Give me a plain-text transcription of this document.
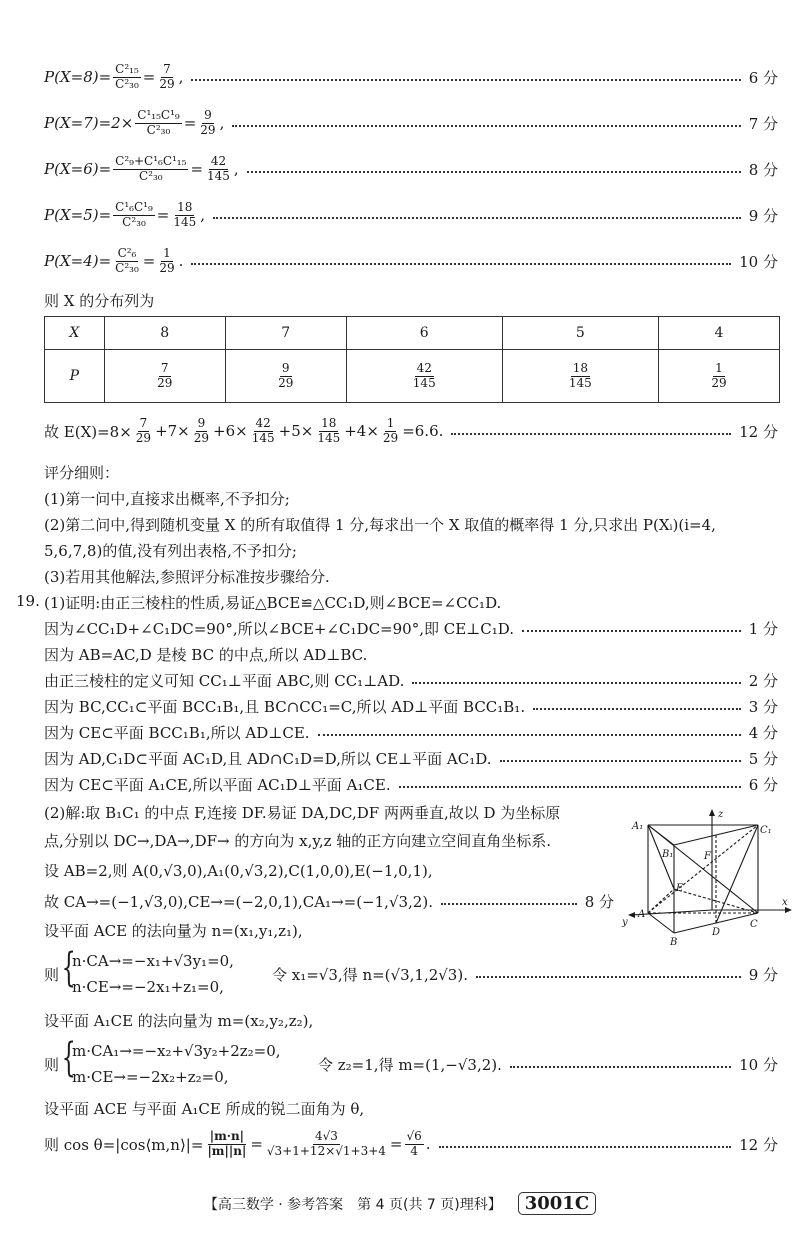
$P(X=8)= \frac{\text{C²₁₅}}{\text{C²₃₀}} = \frac{7}{29}$ ,	6 分
$P(X=7)=2\times \frac{\text{C¹₁₅C¹₉}}{\text{C²₃₀}} = \frac{9}{29}$ ,	7 分
$P(X=6)= \frac{\text{C²₉+C¹₆C¹₁₅}}{\text{C²₃₀}} = \frac{42}{145}$ ,	8 分
$P(X=5)= \frac{\text{C¹₆C¹₉}}{\text{C²₃₀}} = \frac{18}{145}$ ,	9 分
$P(X=4)= \frac{\text{C²₆}}{\text{C²₃₀}} = \frac{1}{29}$ .	10 分
则 X 的分布列为
X	8	7	6	5	4
P	$\frac{7}{29}$	$\frac{9}{29}$	$\frac{42}{145}$	$\frac{18}{145}$	$\frac{1}{29}$
故 $E(X)=8\times \frac{7}{29} +7\times \frac{9}{29} +6\times \frac{42}{145} +5\times \frac{18}{145} +4\times \frac{1}{29} =6.6$.	12 分
评分细则：
(1)第一问中,直接求出概率,不予扣分;
(2)第二问中,得到随机变量 X 的所有取值得 1 分,每求出一个 X 取值的概率得 1 分,只求出 P(Xᵢ)(i=4,
5,6,7,8)的值,没有列出表格,不予扣分;
(3)若用其他解法,参照评分标准按步骤给分.
19. (1)证明:由正三棱柱的性质,易证△BCE≌△CC₁D,则∠BCE=∠CC₁D.
因为∠CC₁D+∠C₁DC=90°,所以∠BCE+∠C₁DC=90°,即 CE⊥C₁D.	1 分
因为 AB=AC,D 是棱 BC 的中点,所以 AD⊥BC.
由正三棱柱的定义可知 CC₁⊥平面 ABC,则 CC₁⊥AD.	2 分
因为 BC,CC₁⊂平面 BCC₁B₁,且 BC∩CC₁=C,所以 AD⊥平面 BCC₁B₁.	3 分
因为 CE⊂平面 BCC₁B₁,所以 AD⊥CE.	4 分
因为 AD,C₁D⊂平面 AC₁D,且 AD∩C₁D=D,所以 CE⊥平面 AC₁D.	5 分
因为 CE⊂平面 A₁CE,所以平面 AC₁D⊥平面 A₁CE.	6 分
(2)解:取 B₁C₁ 的中点 F,连接 DF.易证 DA,DC,DF 两两垂直,故以 D 为坐标原
点,分别以 DC→,DA→,DF→ 的方向为 x,y,z 轴的正方向建立空间直角坐标系.
设 AB=2,则 A(0,√3,0),A₁(0,√3,2),C(1,0,0),E(−1,0,1),
故 CA→=(−1,√3,0),CE→=(−2,0,1),CA₁→=(−1,√3,2).	8 分
设平面 ACE 的法向量为 n=(x₁,y₁,z₁),
则 {
n·CA→=−x₁+√3y₁=0,
n·CE→=−2x₁+z₁=0,
令 x₁=√3,得 n=(√3,1,2√3).	9 分
设平面 A₁CE 的法向量为 m=(x₂,y₂,z₂),
则 {
m·CA₁→=−x₂+√3y₂+2z₂=0,
m·CE→=−2x₂+z₂=0,
令 z₂=1,得 m=(1,−√3,2).	10 分
设平面 ACE 与平面 A₁CE 所成的锐二面角为 θ,
则 cos θ=|cos⟨m,n⟩|= $\frac{|m\cdot n|}{|m||n|} = \frac{4√3}{√3+1+12\times√1+3+4} = \frac{√6}{4}$ .	12 分
A₁	C₁
B₁	F
E
A
B
C
D
x
y
z
【高三数学 · 参考答案　第 4 页(共 7 页)理科】	3001C
